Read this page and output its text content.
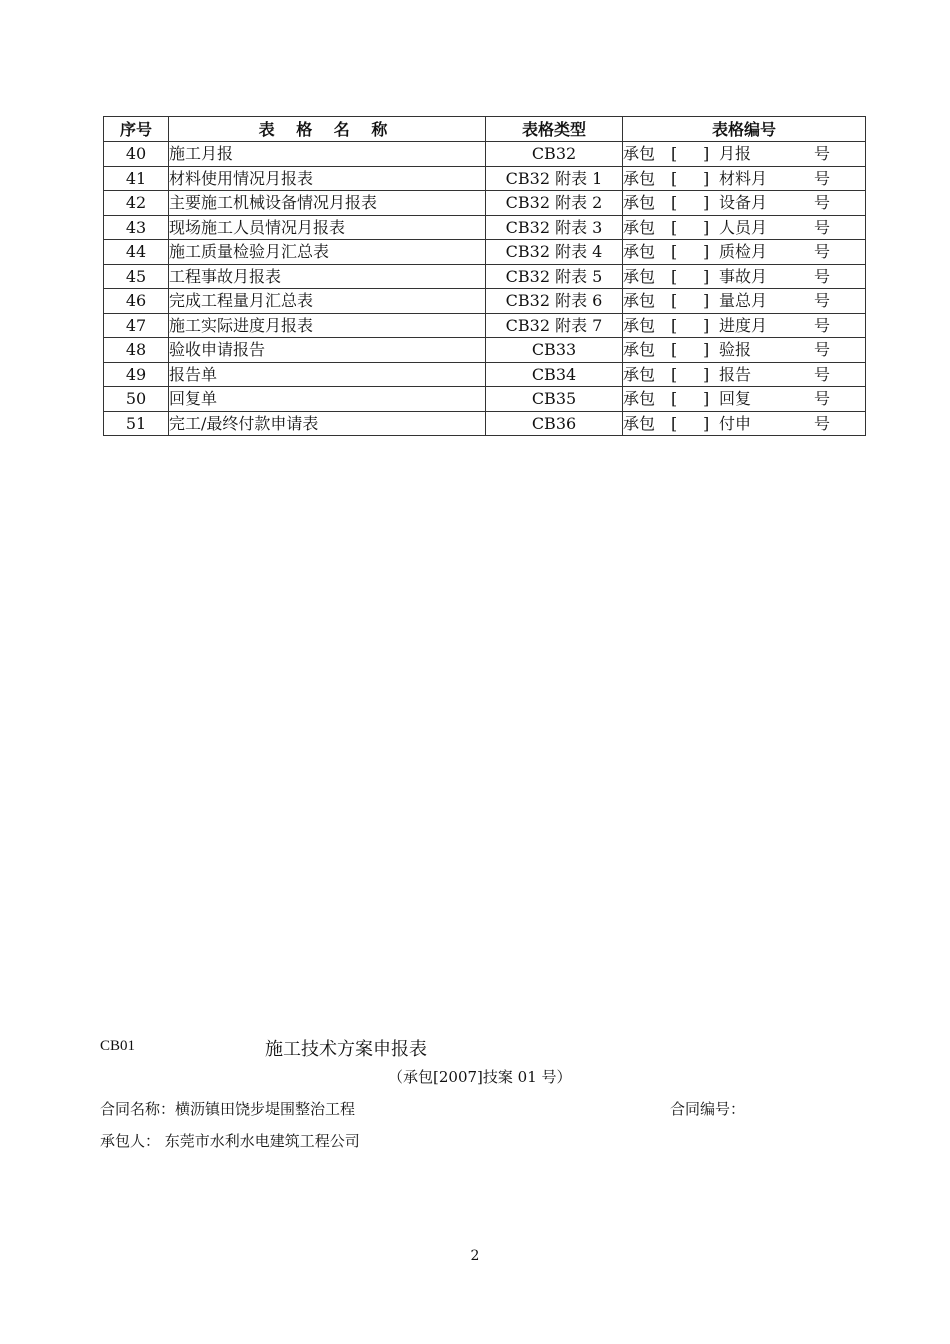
序号	表 格 名 称	表格类型	表格编号
40	施工月报	CB32	承包 [ ] 月报 号

41	材料使用情况月报表	CB32 附表 1	承包 [ ] 材料月 号

42	主要施工机械设备情况月报表	CB32 附表 2	承包 [ ] 设备月 号

43	现场施工人员情况月报表	CB32 附表 3	承包 [ ] 人员月 号

44	施工质量检验月汇总表	CB32 附表 4	承包 [ ] 质检月 号

45	工程事故月报表	CB32 附表 5	承包 [ ] 事故月 号

46	完成工程量月汇总表	CB32 附表 6	承包 [ ] 量总月 号

47	施工实际进度月报表	CB32 附表 7	承包 [ ] 进度月 号

48	验收申请报告	CB33	承包 [ ] 验报 号

49	报告单	CB34	承包 [ ] 报告 号

50	回复单	CB35	承包 [ ] 回复 号

51	完工/最终付款申请表	CB36	承包 [ ] 付申 号
CB01	施工技术方案申报表
（承包[2007]技案 01 号）
合同名称：横沥镇田饶步堤围整治工程	合同编号：
承包人： 东莞市水利水电建筑工程公司
2
